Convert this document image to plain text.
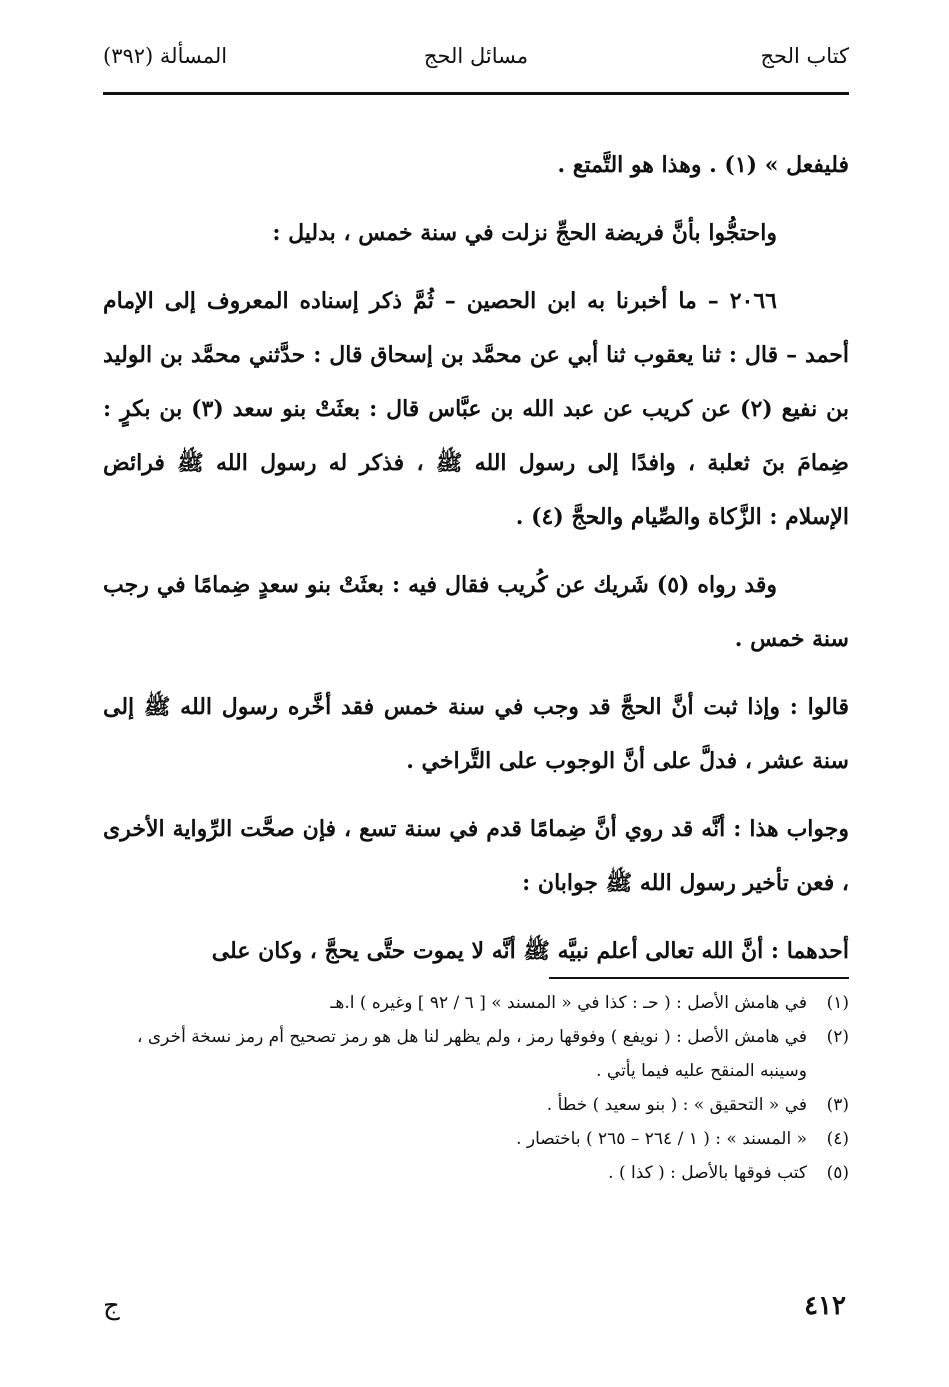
كتاب الحج
مسائل الحج
المسألة (٣٩٢)

فليفعل » (١) . وهذا هو التَّمتع .

واحتجُّوا بأنَّ فريضة الحجِّ نزلت في سنة خمس ، بدليل :

٢٠٦٦ – ما أخبرنا به ابن الحصين – ثُمَّ ذكر إسناده المعروف إلى الإمام أحمد – قال : ثنا يعقوب ثنا أبي عن محمَّد بن إسحاق قال : حدَّثني محمَّد بن الوليد بن نفيع (٢) عن كريب عن عبد الله بن عبَّاس قال : بعثَتْ بنو سعد (٣) بن بكرٍ : ضِمامَ بنَ ثعلبة ، وافدًا إلى رسول الله ﷺ ، فذكر له رسول الله ﷺ فرائض الإسلام : الزَّكاة والصِّيام والحجَّ (٤) .

وقد رواه (٥) شَريك عن كُريب فقال فيه : بعثَتْ بنو سعدٍ ضِمامًا في رجب سنة خمس .

قالوا : وإذا ثبت أنَّ الحجَّ قد وجب في سنة خمس فقد أخَّره رسول الله ﷺ إلى سنة عشر ، فدلَّ على أنَّ الوجوب على التَّراخي .

وجواب هذا : أنَّه قد روي أنَّ ضِمامًا قدم في سنة تسع ، فإن صحَّت الرِّواية الأخرى ، فعن تأخير رسول الله ﷺ جوابان :

أحدهما : أنَّ الله تعالى أعلم نبيَّه ﷺ أنَّه لا يموت حتَّى يحجَّ ، وكان على

(١)
في هامش الأصل : ( حـ : كذا في « المسند » [ ٦ / ٩٢ ] وغيره ) ا.هـ

(٢)
في هامش الأصل : ( نويفع ) وفوقها رمز ، ولم يظهر لنا هل هو رمز تصحيح أم رمز نسخة أخرى ، وسينبه المنقح عليه فيما يأتي .

(٣)
في « التحقيق » : ( بنو سعيد ) خطأ .

(٤)
« المسند » : ( ١ / ٢٦٤ – ٢٦٥ ) باختصار .

(٥)
كتب فوقها بالأصل : ( كذا ) .

٤١٢
ج
